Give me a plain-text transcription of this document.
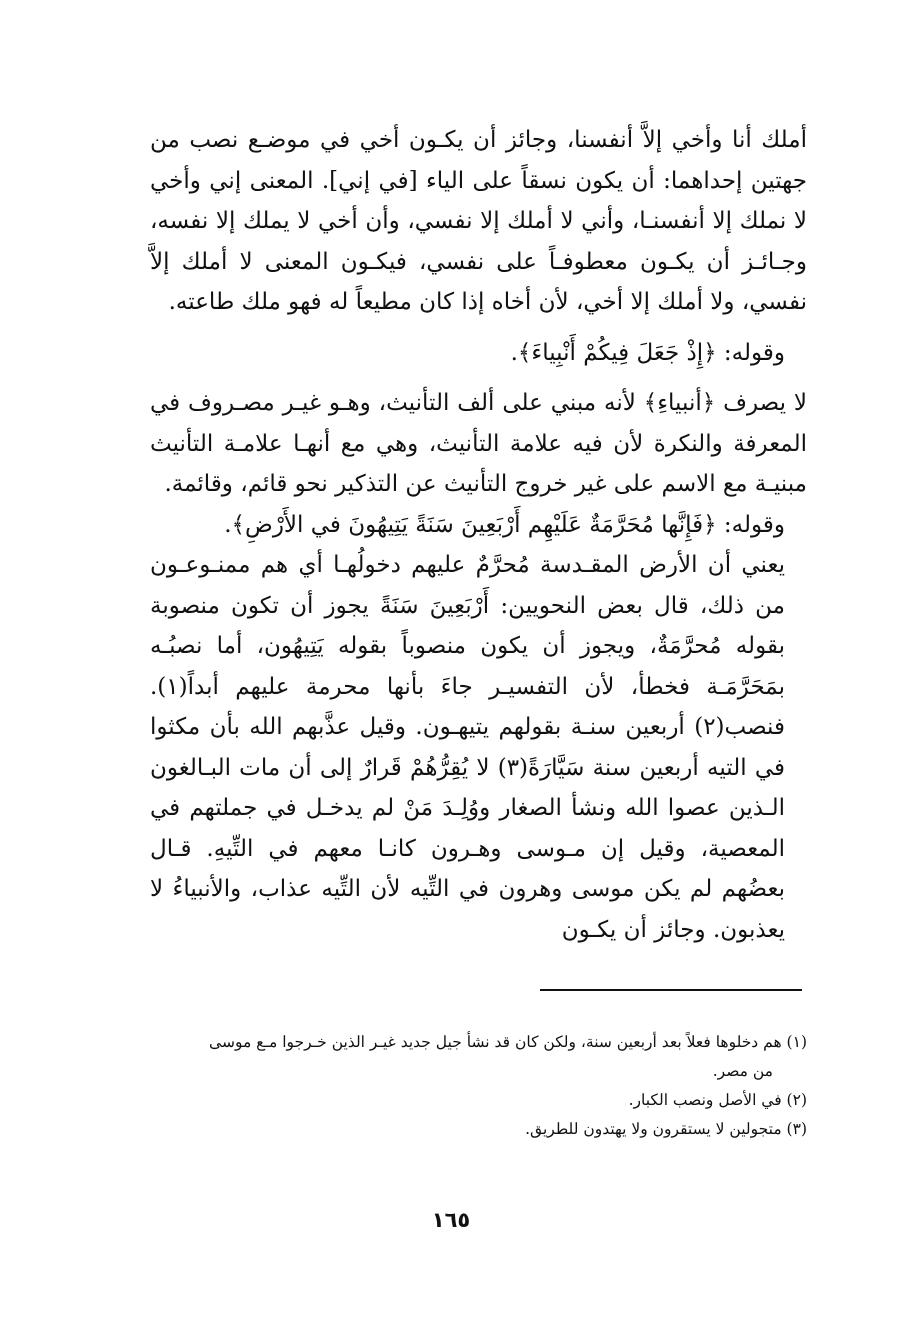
أملك أنا وأخي إلاَّ أنفسنا، وجائز أن يكـون أخي في موضـع نصب من جهتين إحداهما: أن يكون نسقاً على الياء [في إني]. المعنى إني وأخي لا نملك إلا أنفسنـا، وأني لا أملك إلا نفسي، وأن أخي لا يملك إلا نفسه، وجـائـز أن يكـون معطوفـاً على نفسي، فيكـون المعنى لا أملك إلاَّ نفسي، ولا أملك إلا أخي، لأن أخاه إذا كان مطيعاً له فهو ملك طاعته.

وقوله: ﴿إِذْ جَعَلَ فِيكُمْ أَنْبِياءَ﴾.

لا يصرف ﴿أنبياءِ﴾ لأنه مبني على ألف التأنيث، وهـو غيـر مصـروف في المعرفة والنكرة لأن فيه علامة التأنيث، وهي مع أنهـا علامـة التأنيث مبنيـة مع الاسم على غير خروج التأنيث عن التذكير نحو قائم، وقائمة.

وقوله: ﴿فَإِنَّها مُحَرَّمَةٌ عَلَيْهِم أَرْبَعِينَ سَنَةً يَتِيهُونَ في الأَرْضِ﴾.

يعني أن الأرض المقـدسة مُحرَّمٌ عليهم دخولُهـا أي هم ممنـوعـون من ذلك، قال بعض النحويين: أَرْبَعِينَ سَنَةً يجوز أن تكون منصوبة بقوله مُحرَّمَةٌ، ويجوز أن يكون منصوباً بقوله يَتِيهُون، أما نصبُـه بمَحَرَّمَـة فخطأ، لأن التفسيـر جاءَ بأنها محرمة عليهم أبداً(١). فنصب(٢) أربعين سنـة بقولهم يتيهـون. وقيل عذَّبهم الله بأن مكثوا في التيه أربعين سنة سَيَّارَةً(٣) لا يُقِرُّهُمْ قَرارٌ إلى أن مات البـالغون الـذين عصوا الله ونشأ الصغار ووُلِـدَ مَنْ لم يدخـل في جملتهم في المعصية، وقيل إن مـوسى وهـرون كانـا معهم في التِّيهِ. قـال بعضُهم لم يكن موسى وهرون في التِّيه لأن التِّيه عذاب، والأنبياءُ لا يعذبون. وجائز أن يكـون

(١) هم دخلوها فعلاً بعد أربعين سنة، ولكن كان قد نشأ جيل جديد غيـر الذين خـرجوا مـع موسى

من مصر.

(٢) في الأصل ونصب الكبار.

(٣) متجولين لا يستقرون ولا يهتدون للطريق.

١٦٥
